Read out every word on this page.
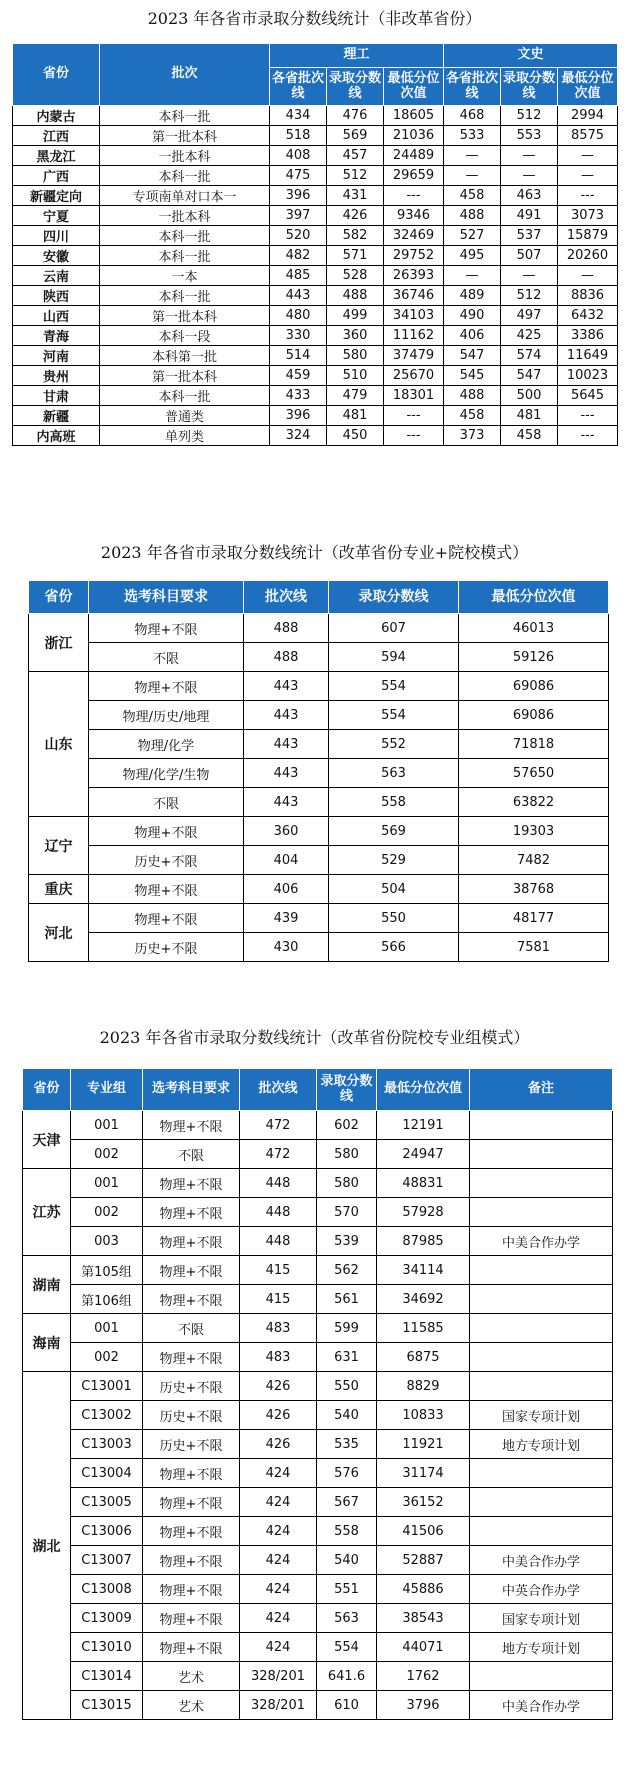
2023 年各省市录取分数线统计（非改革省份）
省份	批次	理工			文史		
		各省批次线	录取分数线	最低分位次值	各省批次线	录取分数线	最低分位次值
内蒙古	本科一批	434	476	18605	468	512	2994
江西	第一批本科	518	569	21036	533	553	8575
黑龙江	一批本科	408	457	24489	—	—	—
广西	本科一批	475	512	29659	—	—	—
新疆定向	专项南单对口本一	396	431	---	458	463	---
宁夏	一批本科	397	426	9346	488	491	3073
四川	本科一批	520	582	32469	527	537	15879
安徽	本科一批	482	571	29752	495	507	20260
云南	一本	485	528	26393	—	—	—
陕西	本科一批	443	488	36746	489	512	8836
山西	第一批本科	480	499	34103	490	497	6432
青海	本科一段	330	360	11162	406	425	3386
河南	本科第一批	514	580	37479	547	574	11649
贵州	第一批本科	459	510	25670	545	547	10023
甘肃	本科一批	433	479	18301	488	500	5645
新疆	普通类	396	481	---	458	481	---
内高班	单列类	324	450	---	373	458	---
2023 年各省市录取分数线统计（改革省份专业+院校模式）
省份	选考科目要求	批次线	录取分数线	最低分位次值
浙江	物理+不限	488	607	46013
	不限	488	594	59126
山东	物理+不限	443	554	69086
	物理/历史/地理	443	554	69086
	物理/化学	443	552	71818
	物理/化学/生物	443	563	57650
	不限	443	558	63822
辽宁	物理+不限	360	569	19303
	历史+不限	404	529	7482
重庆	物理+不限	406	504	38768
河北	物理+不限	439	550	48177
	历史+不限	430	566	7581
2023 年各省市录取分数线统计（改革省份院校专业组模式）
省份	专业组	选考科目要求	批次线	录取分数线	最低分位次值	备注
天津	001	物理+不限	472	602	12191	
	002	不限	472	580	24947	
江苏	001	物理+不限	448	580	48831	
	002	物理+不限	448	570	57928	
	003	物理+不限	448	539	87985	中美合作办学
湖南	第105组	物理+不限	415	562	34114	
	第106组	物理+不限	415	561	34692	
海南	001	不限	483	599	11585	
	002	物理+不限	483	631	6875	
湖北	C13001	历史+不限	426	550	8829	
	C13002	历史+不限	426	540	10833	国家专项计划
	C13003	历史+不限	426	535	11921	地方专项计划
	C13004	物理+不限	424	576	31174	
	C13005	物理+不限	424	567	36152	
	C13006	物理+不限	424	558	41506	
	C13007	物理+不限	424	540	52887	中美合作办学
	C13008	物理+不限	424	551	45886	中英合作办学
	C13009	物理+不限	424	563	38543	国家专项计划
	C13010	物理+不限	424	554	44071	地方专项计划
	C13014	艺术	328/201	641.6	1762	
	C13015	艺术	328/201	610	3796	中美合作办学
